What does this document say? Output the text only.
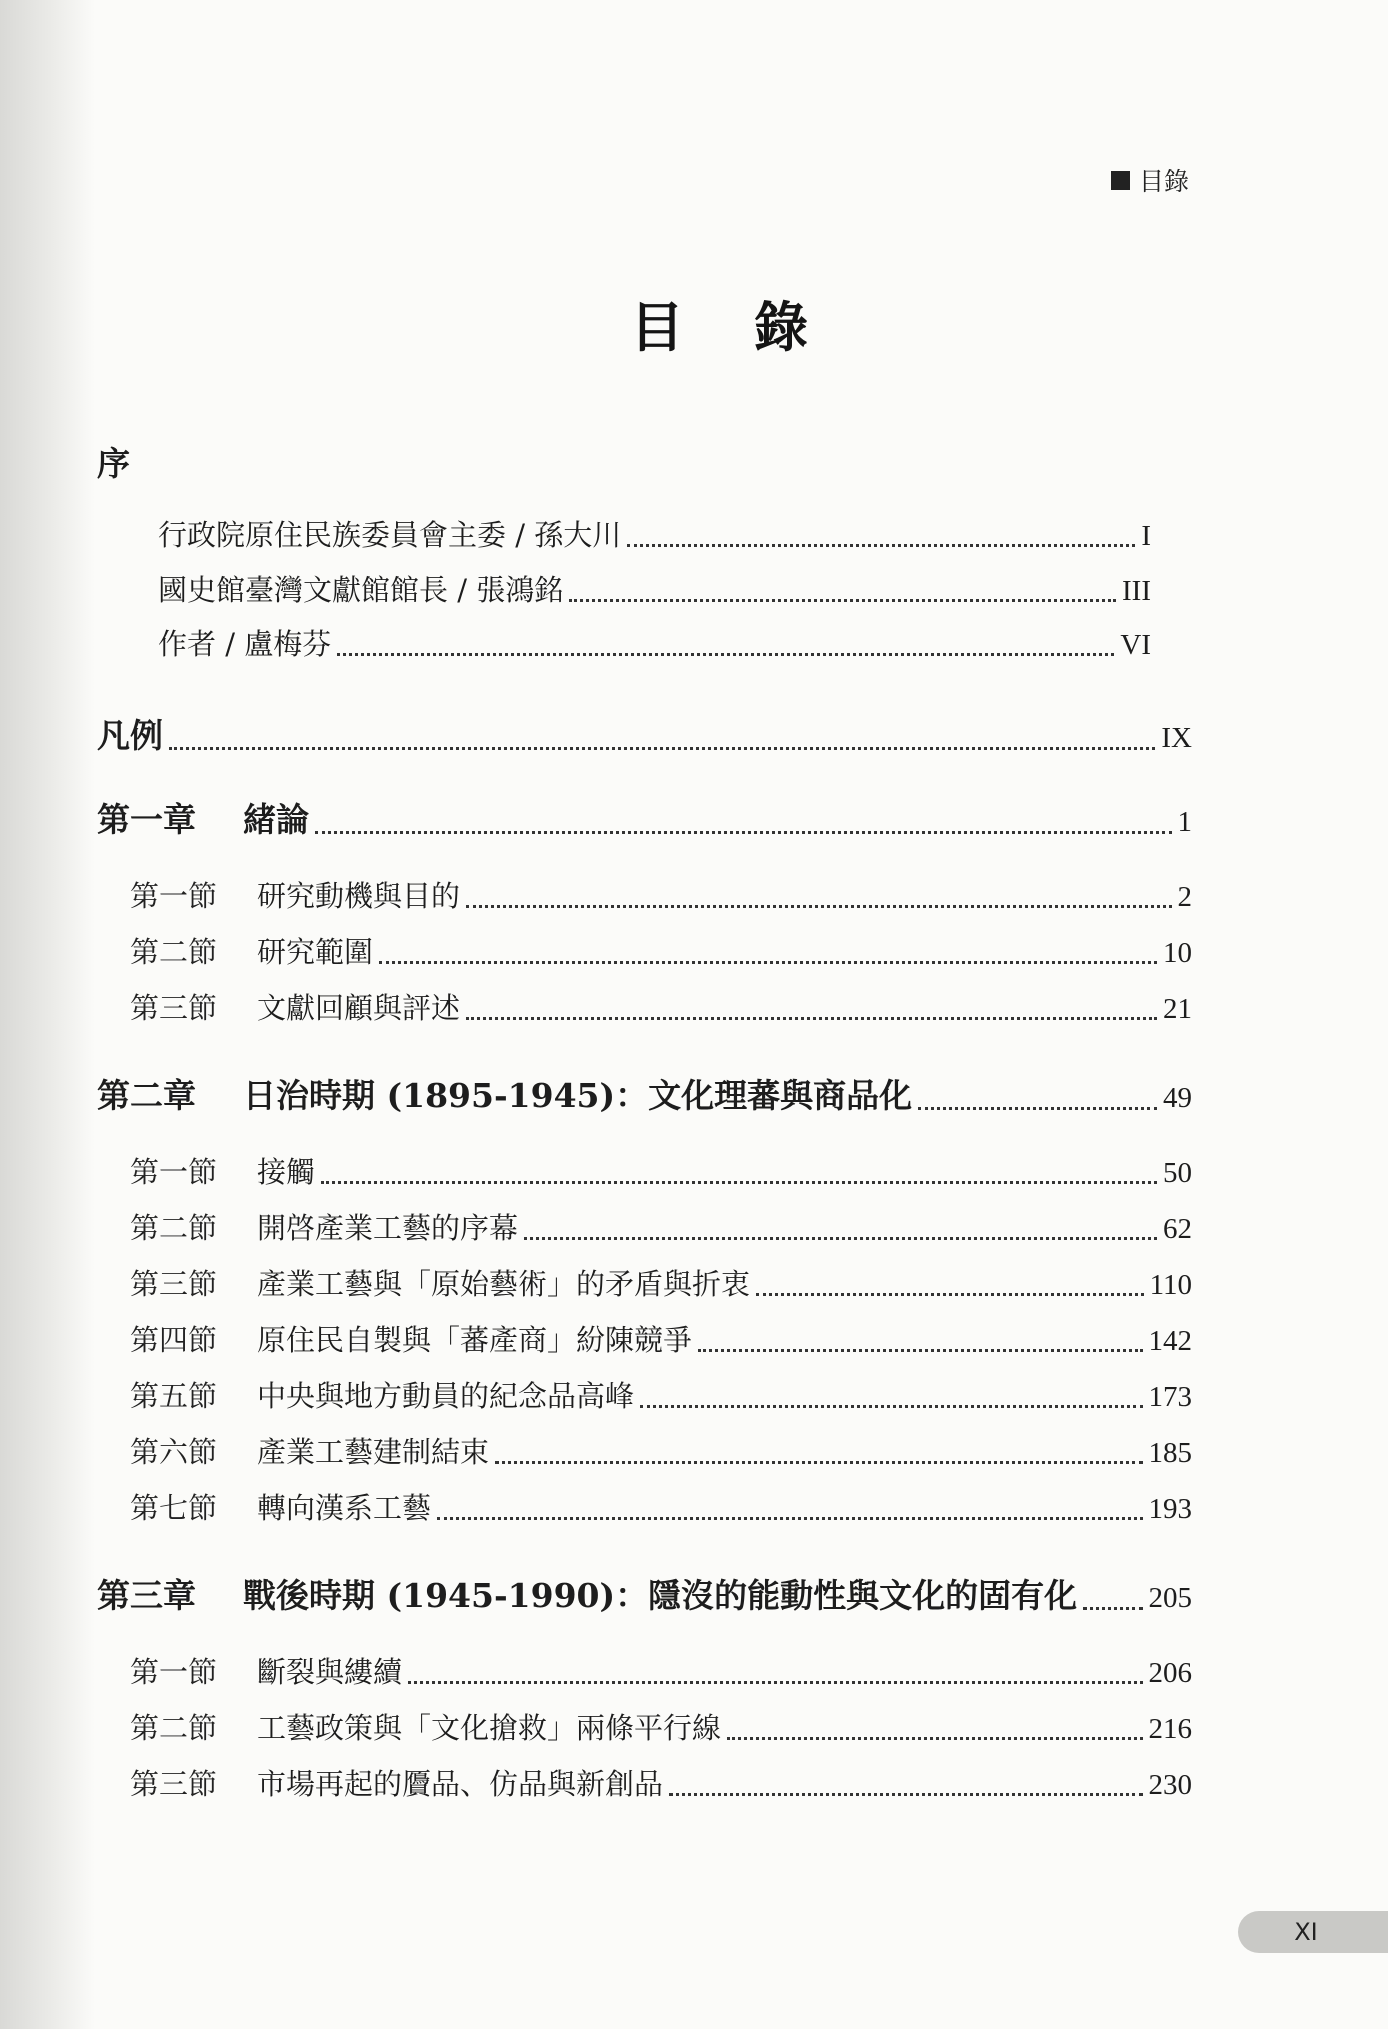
目錄
目錄
序
行政院原住民族委員會主委 / 孫大川	I
國史館臺灣文獻館館長 / 張鴻銘	III
作者 / 盧梅芬	VI
凡例	IX
第一章	緒論	1
第一節	研究動機與目的	2
第二節	研究範圍	10
第三節	文獻回顧與評述	21
第二章	日治時期 (1895-1945)：文化理蕃與商品化	49
第一節	接觸	50
第二節	開啓產業工藝的序幕	62
第三節	產業工藝與「原始藝術」的矛盾與折衷	110
第四節	原住民自製與「蕃產商」紛陳競爭	142
第五節	中央與地方動員的紀念品高峰	173
第六節	產業工藝建制結束	185
第七節	轉向漢系工藝	193
第三章	戰後時期 (1945-1990)：隱沒的能動性與文化的固有化 205
第一節	斷裂與縷續	206
第二節	工藝政策與「文化搶救」兩條平行線	216
第三節	市場再起的贗品、仿品與新創品	230
XI
